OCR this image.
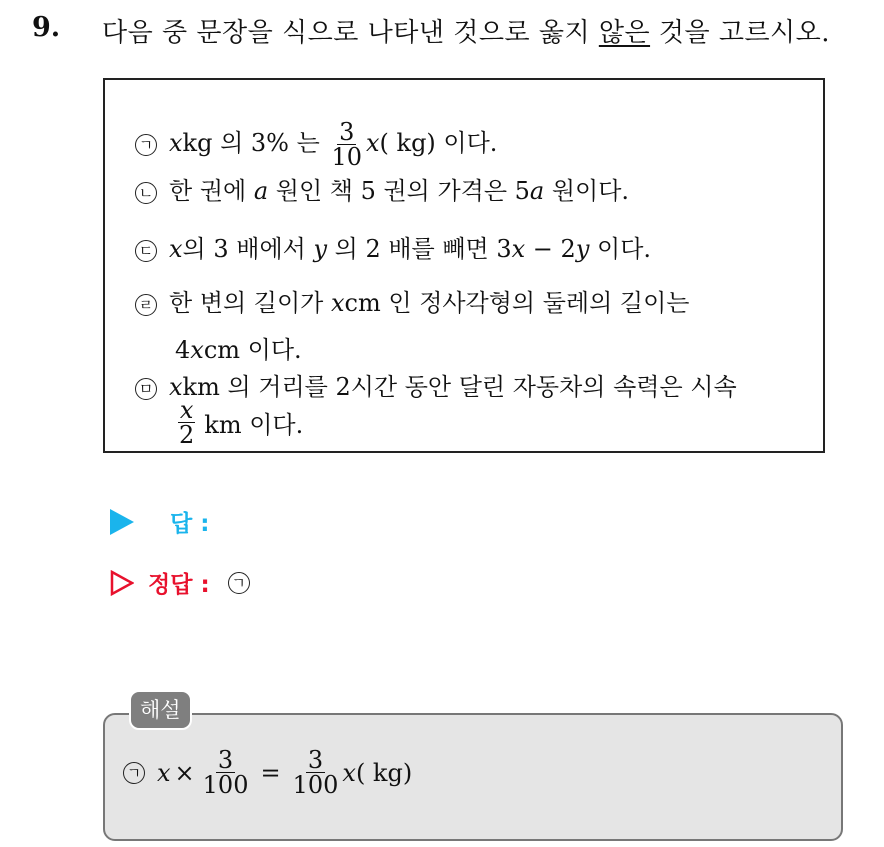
9. 다음 중 문장을 식으로 나타낸 것으로 옳지 않은 것을 고르시오.
ㄱ xkg 의 3% 는 $\frac{3}{10} x$( kg) 이다.
ㄴ 한 권에 a 원인 책 5 권의 가격은 5a 원이다.
ㄷ x의 3 배에서 y 의 2 배를 빼면 3x − 2y 이다.
ㄹ 한 변의 길이가 xcm 인 정사각형의 둘레의 길이는
4xcm 이다.
ㅁ xkm 의 거리를 2시간 동안 달린 자동차의 속력은 시속
$\frac{x}{2}$ km 이다.
답 :
정답 : ㄱ
해설
ㄱ $x \times \frac{3}{100} = \frac{3}{100}$ x ( kg)
